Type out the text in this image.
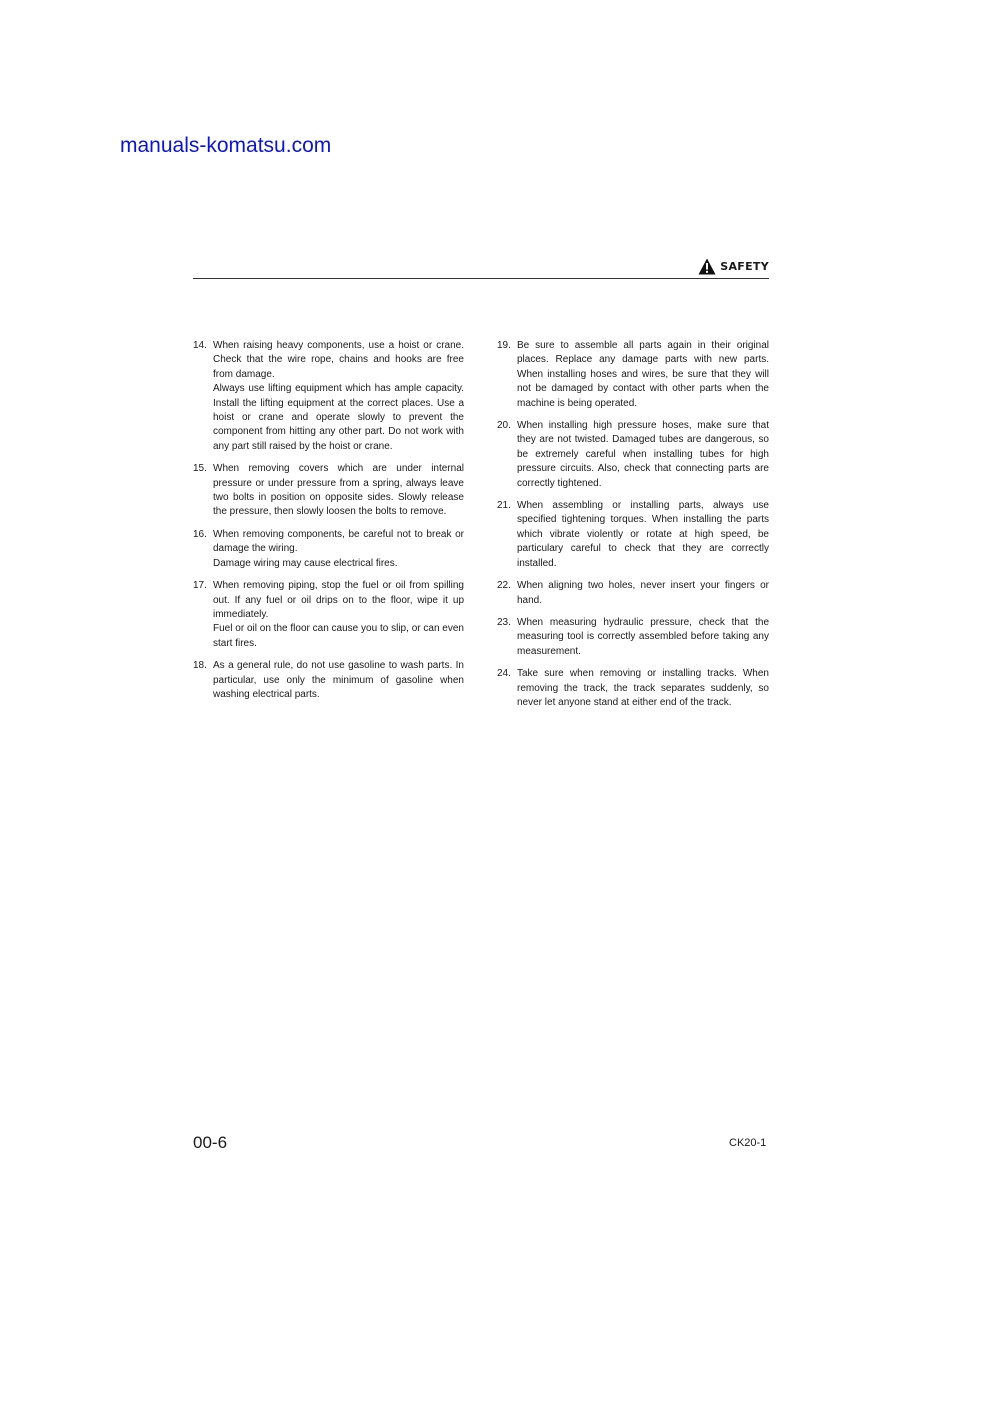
manuals-komatsu.com
SAFETY
14. When raising heavy components, use a hoist or crane. Check that the wire rope, chains and hooks are free from damage.

Always use lifting equipment which has ample capacity. Install the lifting equipment at the correct places. Use a hoist or crane and operate slowly to prevent the component from hitting any other part. Do not work with any part still raised by the hoist or crane.

15. When removing covers which are under internal pressure or under pressure from a spring, always leave two bolts in position on opposite sides. Slowly release the pressure, then slowly loosen the bolts to remove.

16. When removing components, be careful not to break or damage the wiring.

Damage wiring may cause electrical fires.

17. When removing piping, stop the fuel or oil from spilling out. If any fuel or oil drips on to the floor, wipe it up immediately.

Fuel or oil on the floor can cause you to slip, or can even start fires.

18. As a general rule, do not use gasoline to wash parts. In particular, use only the minimum of gasoline when washing electrical parts.

19. Be sure to assemble all parts again in their original places. Replace any damage parts with new parts. When installing hoses and wires, be sure that they will not be damaged by contact with other parts when the machine is being operated.

20. When installing high pressure hoses, make sure that they are not twisted. Damaged tubes are dangerous, so be extremely careful when installing tubes for high pressure circuits. Also, check that connecting parts are correctly tightened.

21. When assembling or installing parts, always use specified tightening torques. When installing the parts which vibrate violently or rotate at high speed, be particulary careful to check that they are correctly installed.

22. When aligning two holes, never insert your fingers or hand.

23. When measuring hydraulic pressure, check that the measuring tool is correctly assembled before taking any measurement.

24. Take sure when removing or installing tracks. When removing the track, the track separates suddenly, so never let anyone stand at either end of the track.

00-6	CK20-1
